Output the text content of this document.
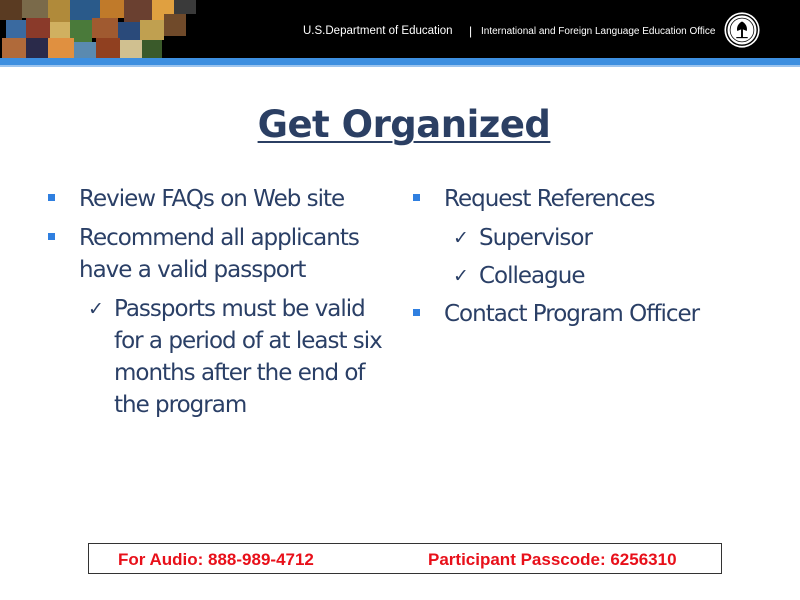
U.S.Department of Education | International and Foreign Language Education Office
Get Organized
Review FAQs on Web site
Recommend all applicants have a valid passport
✓ Passports must be valid for a period of at least six months after the end of the program
Request References
✓ Supervisor
✓ Colleague
Contact Program Officer
For Audio: 888-989-4712	Participant Passcode: 6256310
